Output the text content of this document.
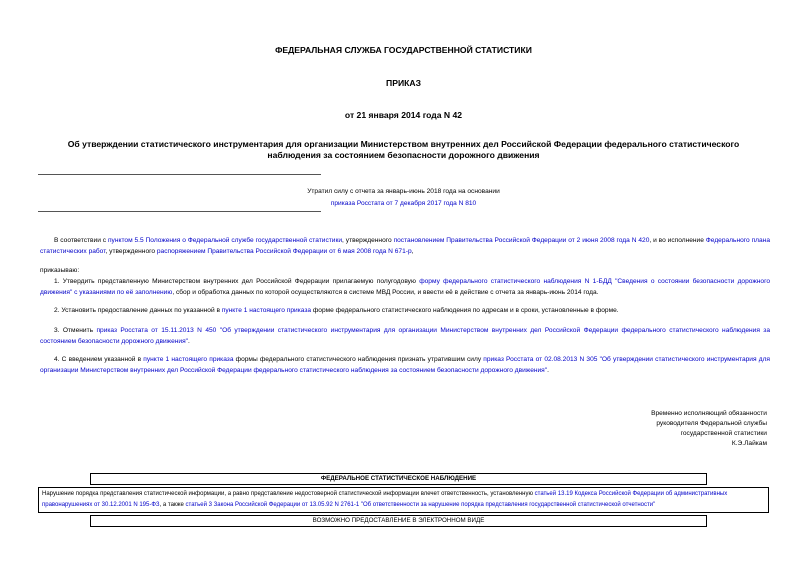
ФЕДЕРАЛЬНАЯ СЛУЖБА ГОСУДАРСТВЕННОЙ СТАТИСТИКИ
ПРИКАЗ
от 21 января 2014 года N 42
Об утверждении статистического инструментария для организации Министерством внутренних дел Российской Федерации федерального статистического наблюдения за состоянием безопасности дорожного движения
Утратил силу с отчета за январь-июнь 2018 года на основании
приказа Росстата от 7 декабря 2017 года N 810
В соответствии с пунктом 5.5 Положения о Федеральной службе государственной статистики, утвержденного постановлением Правительства Российской Федерации от 2 июня 2008 года N 420, и во исполнение Федерального плана статистических работ, утвержденного распоряжением Правительства Российской Федерации от 6 мая 2008 года N 671-р,
приказываю:
1. Утвердить представленную Министерством внутренних дел Российской Федерации прилагаемую полугодовую форму федерального статистического наблюдения N 1-БДД "Сведения о состоянии безопасности дорожного движения" с указаниями по её заполнению, сбор и обработка данных по которой осуществляются в системе МВД России, и ввести её в действие с отчета за январь-июнь 2014 года.
2. Установить предоставление данных по указанной в пункте 1 настоящего приказа форме федерального статистического наблюдения по адресам и в сроки, установленные в форме.
3. Отменить приказ Росстата от 15.11.2013 N 450 "Об утверждении статистического инструментария для организации Министерством внутренних дел Российской Федерации федерального статистического наблюдения за состоянием безопасности дорожного движения".
4. С введением указанной в пункте 1 настоящего приказа формы федерального статистического наблюдения признать утратившим силу приказ Росстата от 02.08.2013 N 305 "Об утверждении статистического инструментария для организации Министерством внутренних дел Российской Федерации федерального статистического наблюдения за состоянием безопасности дорожного движения".
Временно исполняющий обязанности
руководителя Федеральной службы
государственной статистики
К.Э.Лайкам
ФЕДЕРАЛЬНОЕ СТАТИСТИЧЕСКОЕ НАБЛЮДЕНИЕ
Нарушение порядка представления статистической информации, а равно представление недостоверной статистической информации влечет ответственность, установленную статьей 13.19 Кодекса Российской Федерации об административных правонарушениях от 30.12.2001 N 195-ФЗ, а также статьей 3 Закона Российской Федерации от 13.05.92 N 2761-1 "Об ответственности за нарушение порядка представления государственной статистической отчетности"
ВОЗМОЖНО ПРЕДОСТАВЛЕНИЕ В ЭЛЕКТРОННОМ ВИДЕ
